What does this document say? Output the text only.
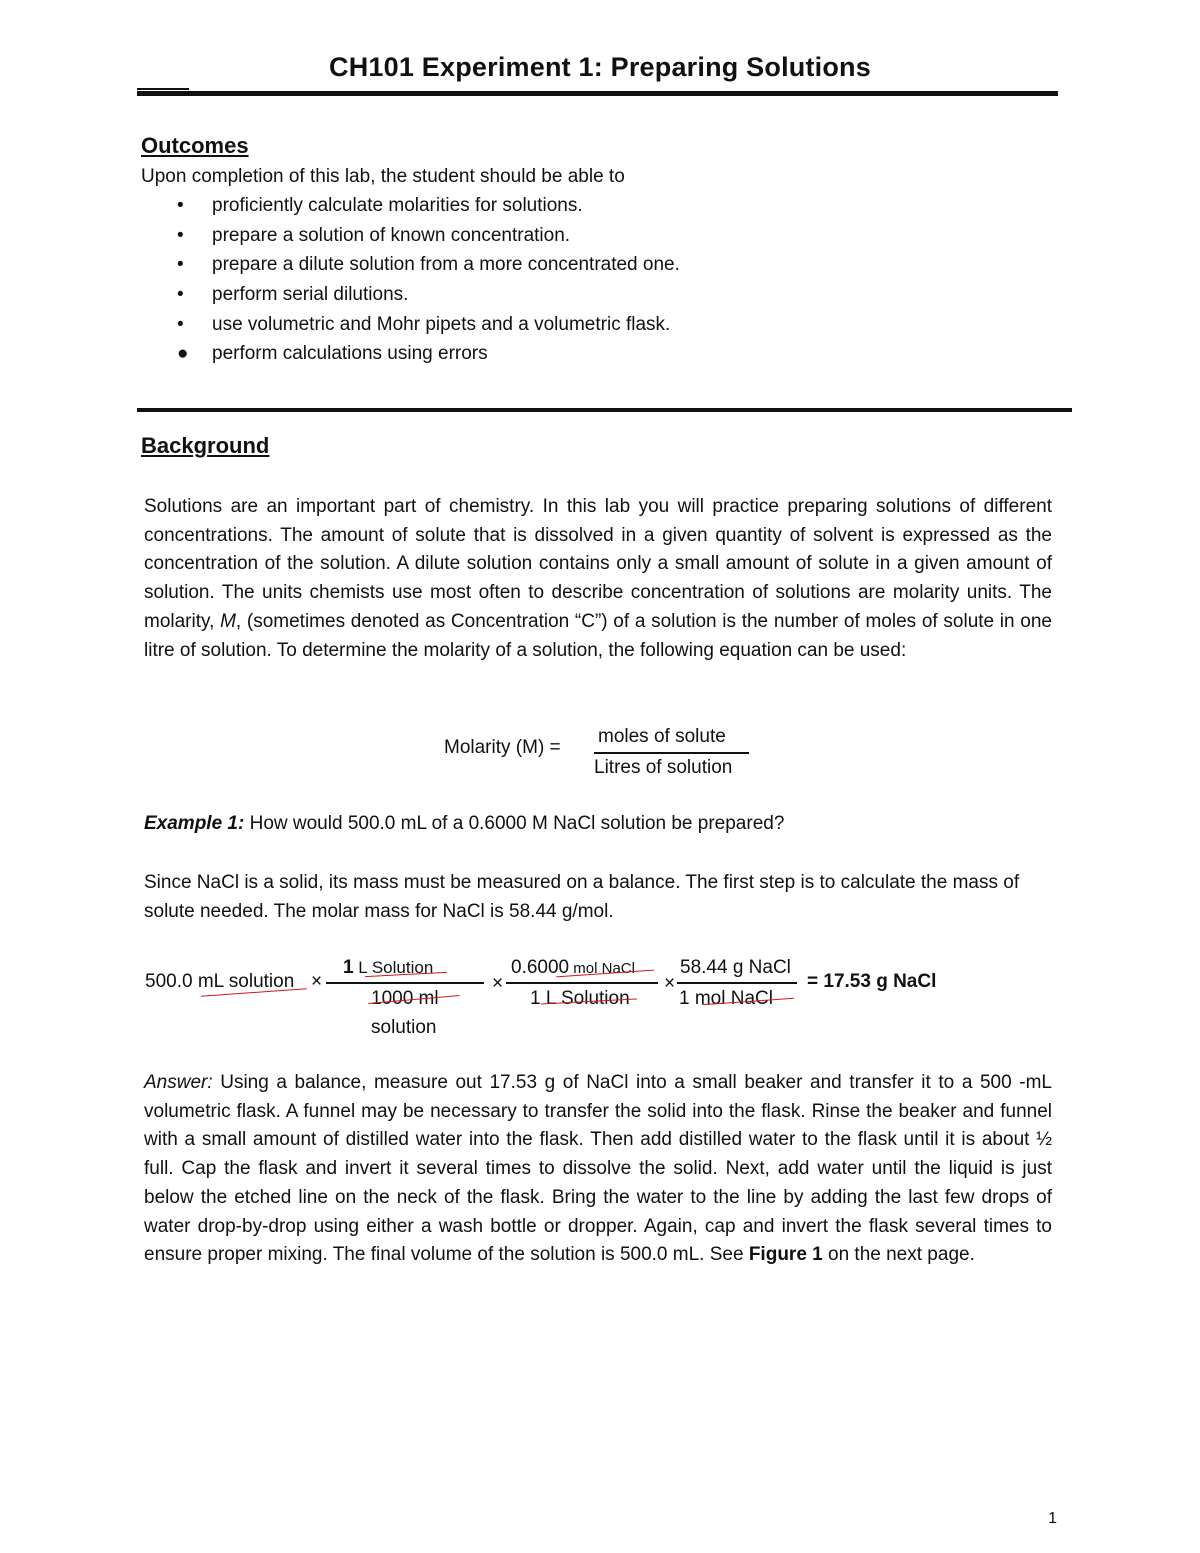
CH101 Experiment 1: Preparing Solutions
Outcomes
Upon completion of this lab, the student should be able to
• proficiently calculate molarities for solutions.
• prepare a solution of known concentration.
• prepare a dilute solution from a more concentrated one.
• perform serial dilutions.
• use volumetric and Mohr pipets and a volumetric flask.
● perform calculations using errors
Background

Solutions are an important part of chemistry. In this lab you will practice preparing solutions of different concentrations. The amount of solute that is dissolved in a given quantity of solvent is expressed as the concentration of the solution. A dilute solution contains only a small amount of solute in a given amount of solution. The units chemists use most often to describe concentration of solutions are molarity units. The molarity, M, (sometimes denoted as Concentration “C”) of a solution is the number of moles of solute in one litre of solution. To determine the molarity of a solution, the following equation can be used:

Molarity (M) =
moles of solute
Litres of solution
Example 1: How would 500.0 mL of a 0.6000 M NaCl solution be prepared?
Since NaCl is a solid, its mass must be measured on a balance. The first step is to calculate the mass of solute needed. The molar mass for NaCl is 58.44 g/mol.
500.0 mL solution ×
1 L Solution
1000 ml
solution
×
0.6000 mol NaCl
1 L Solution
×
58.44 g NaCl
1 mol NaCl
= 17.53 g NaCl

Answer: Using a balance, measure out 17.53 g of NaCl into a small beaker and transfer it to a 500 -mL volumetric flask. A funnel may be necessary to transfer the solid into the flask. Rinse the beaker and funnel with a small amount of distilled water into the flask. Then add distilled water to the flask until it is about ½ full. Cap the flask and invert it several times to dissolve the solid. Next, add water until the liquid is just below the etched line on the neck of the flask. Bring the water to the line by adding the last few drops of water drop-by-drop using either a wash bottle or dropper. Again, cap and invert the flask several times to ensure proper mixing. The final volume of the solution is 500.0 mL. See Figure 1 on the next page.

1
